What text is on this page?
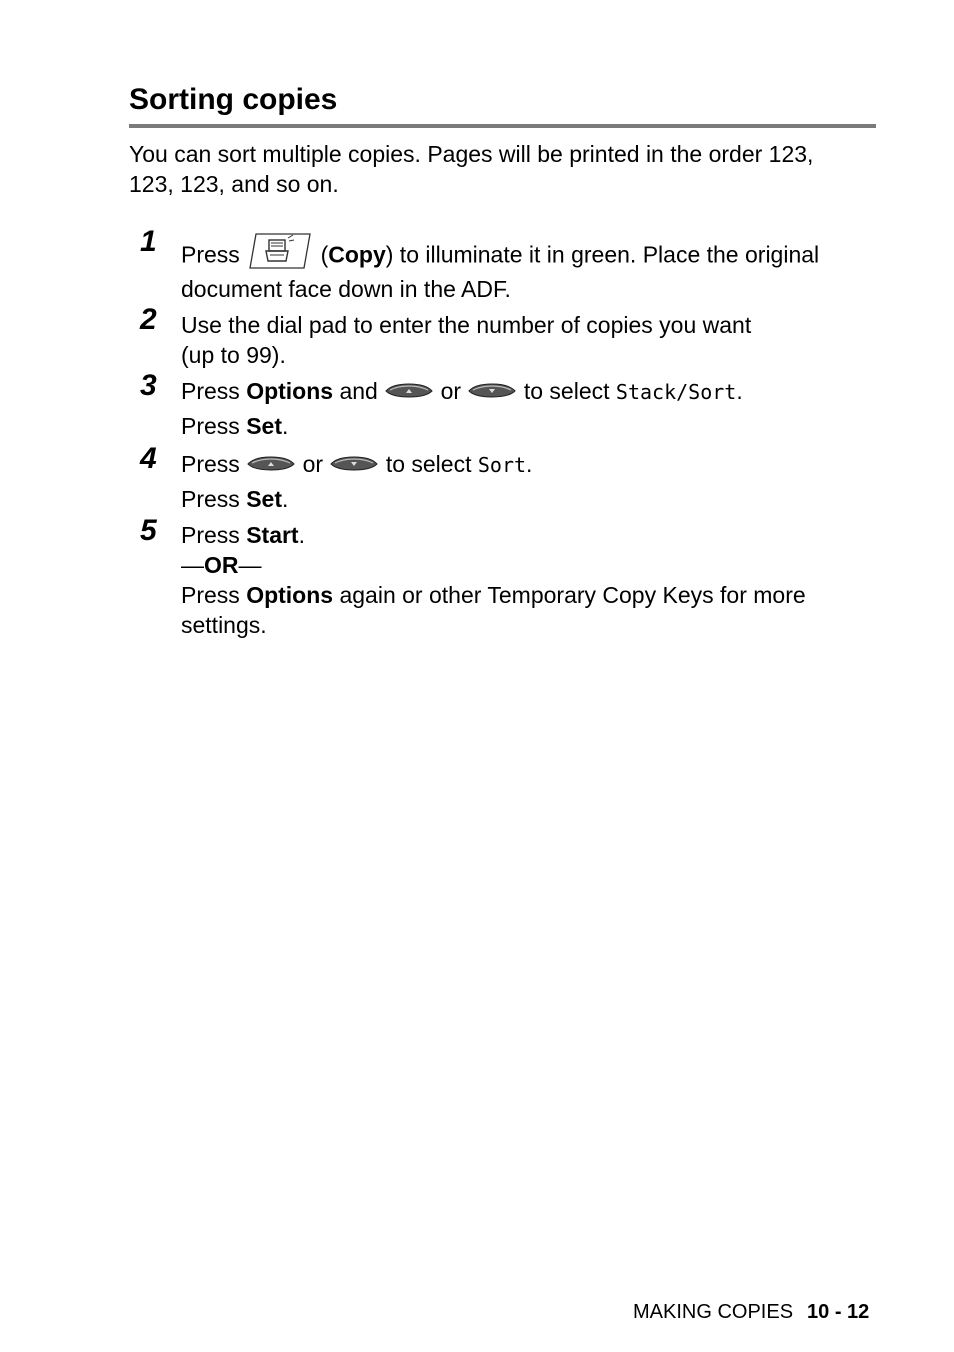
Sorting copies

You can sort multiple copies. Pages will be printed in the order 123,
123, 123, and so on.

1 Press	(Copy) to illuminate it in green. Place the original
document face down in the ADF.
2 Use the dial pad to enter the number of copies you want
(up to 99).
3 Press Options and	or	to select Stack/Sort.
Press Set.
4 Press	or	to select Sort.
Press Set.
5 Press Start.
—OR—
Press Options again or other Temporary Copy Keys for more
settings.
MAKING COPIES 10 - 12
